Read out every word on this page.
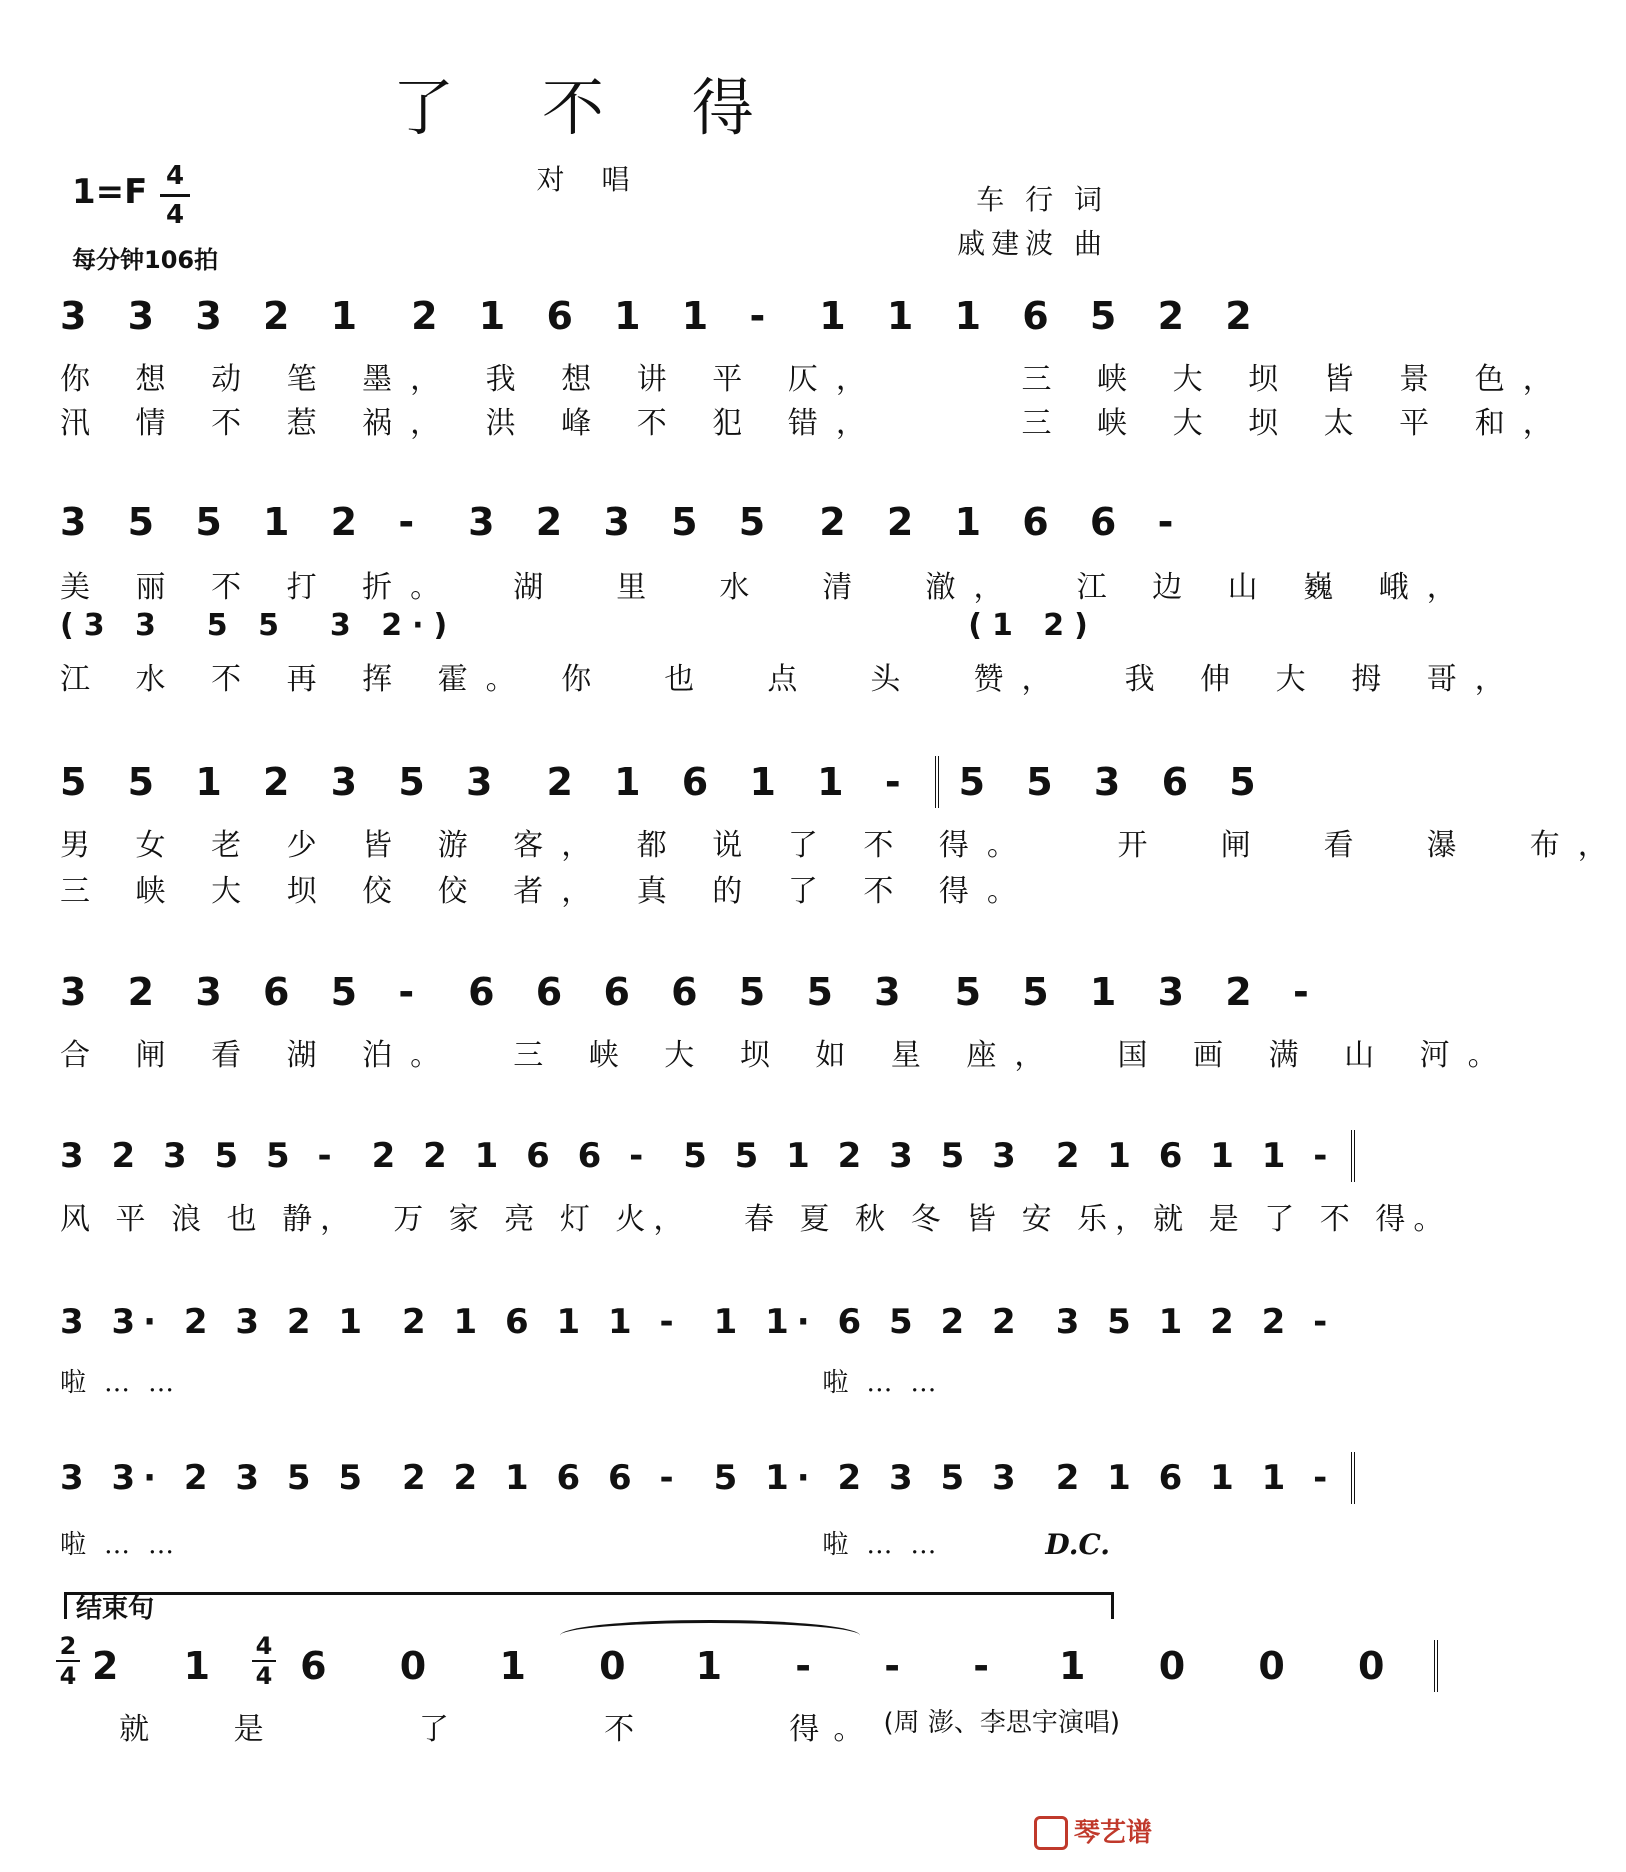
了 不 得
对 唱
$1=F \frac{4}{4}$
每分钟106拍
车 行 词
戚建波 曲
3 3 3 2 1 2 1 6 1 1 - 1 1 1 6 5 2 2
你 想 动 笔 墨， 我 想 讲 平 仄，     三 峡 大 坝 皆 景 色，
汛 情 不 惹 祸， 洪 峰 不 犯 错，     三 峡 大 坝 太 平 和，
3 5 5 1 2 - 3 2 3 5 5 2 2 1 6 6 -
美 丽 不 打 折。  湖  里  水  清  澈，  江 边 山 巍 峨，
(3 3  5 5  3 2·)                         (1 2)
江 水 不 再 挥 霍。 你  也  点  头  赞，  我 伸 大 拇 哥，
5 5 1 2 3 5 3 2 1 6 1 1 - 5 5 3 6 5
男 女 老 少 皆 游 客， 都 说 了 不 得。   开  闸  看  瀑  布，
三 峡 大 坝 佼 佼 者， 真 的 了 不 得。
3 2 3 6 5 - 6 6 6 6 5 5 3 5 5 1 3 2 -
合 闸 看 湖 泊。  三 峡 大 坝 如 星 座，  国 画 满 山 河。
3 2 3 5 5 - 2 2 1 6 6 - 5 5 1 2 3 5 3 2 1 6 1 1 -
风 平 浪 也 静，  万 家 亮 灯 火，   春 夏 秋 冬 皆 安 乐，就 是 了 不 得。
3 3· 2 3 2 1 2 1 6 1 1 - 1 1· 6 5 2 2 3 5 1 2 2 -
啦……                        啦……
3 3· 2 3 5 5 2 2 1 6 6 - 5 1· 2 3 5 3 2 1 6 1 1 -
啦……                        啦……	D.C.
结束句
$\frac{2}{4}$	$\frac{4}{4}$
2 1 6 0 1 0 1 - - - 1 0 0 0
就   是      了      不      得。 (周 澎、李思宇演唱)
琴艺谱
